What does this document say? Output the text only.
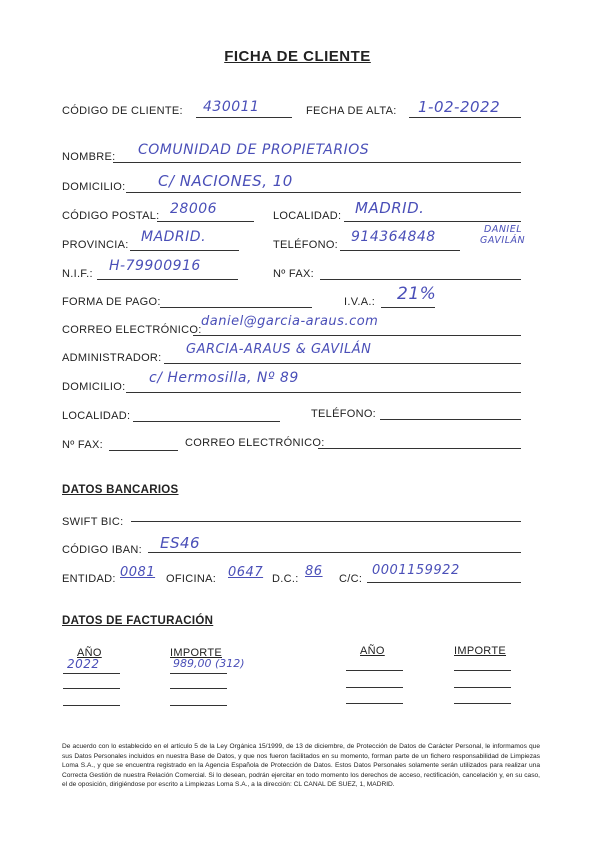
FICHA DE CLIENTE
CÓDIGO DE CLIENTE: 430011	FECHA DE ALTA: 1-02-2022
NOMBRE: COMUNIDAD DE PROPIETARIOS
DOMICILIO: C/ NACIONES, 10
CÓDIGO POSTAL: 28006	LOCALIDAD: MADRID.
PROVINCIA: MADRID.	TELÉFONO: 914364848	DANIEL
GAVILÁN
N.I.F.: H-79900916	Nº FAX:
FORMA DE PAGO:	I.V.A.: 21%
CORREO ELECTRÓNICO:
daniel@garcia-araus.com
ADMINISTRADOR:
GARCIA-ARAUS & GAVILÁN
DOMICILIO:
c/ Hermosilla, Nº 89
LOCALIDAD:	TELÉFONO:
Nº FAX:	CORREO ELECTRÓNICO:
DATOS BANCARIOS
SWIFT BIC:
CÓDIGO IBAN: ES46
ENTIDAD: 0081 OFICINA: 0647 D.C.: 86 C/C:
0001159922
DATOS DE FACTURACIÓN
AÑO	IMPORTE	AÑO	IMPORTE
2022	989,00 (312)
De acuerdo con lo establecido en el artículo 5 de la Ley Orgánica 15/1999, de 13 de diciembre, de Protección de Datos de Carácter Personal, le informamos que sus Datos Personales incluidos en nuestra Base de Datos, y que nos fueron facilitados en su momento, forman parte de un fichero responsabilidad de Limpiezas Loma S.A., y que se encuentra registrado en la Agencia Española de Protección de Datos. Estos Datos Personales solamente serán utilizados para realizar una Correcta Gestión de nuestra Relación Comercial. Si lo desean, podrán ejercitar en todo momento los derechos de acceso, rectificación, cancelación y, en su caso, el de oposición, dirigiéndose por escrito a Limpiezas Loma S.A., a la dirección: CL CANAL DE SUEZ, 1, MADRID.
